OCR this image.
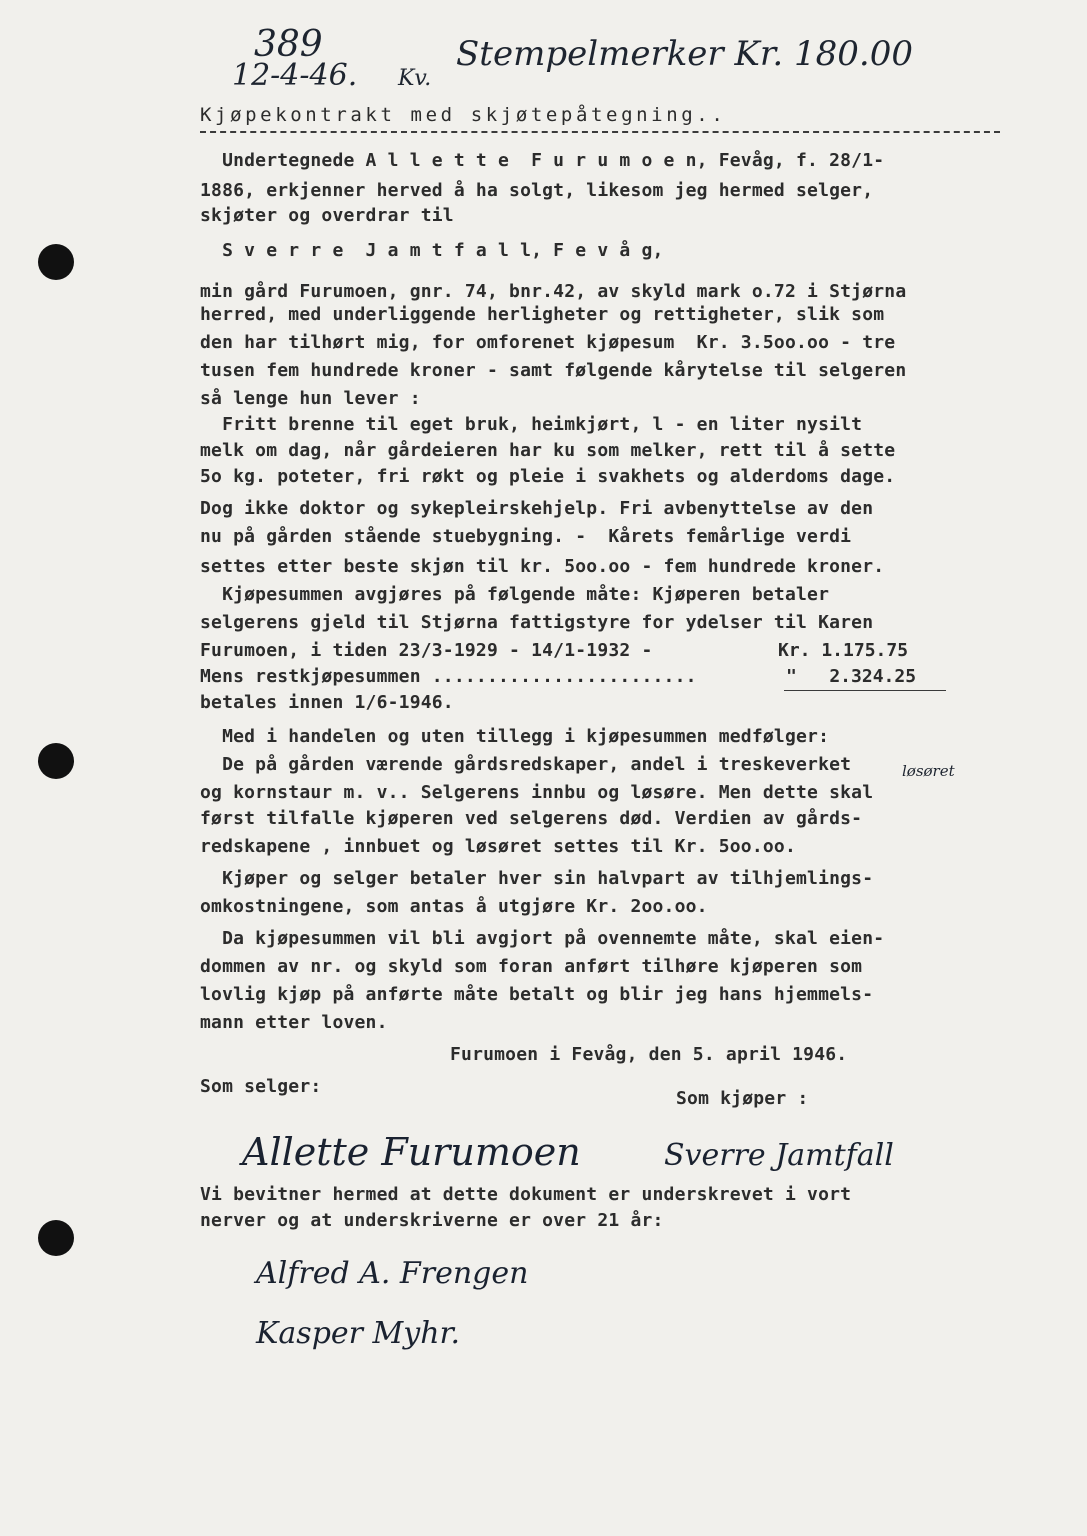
389
12-4-46. Kv.
Stempelmerker Kr. 180.00
Kjøpekontrakt med skjøtepåtegning..
Undertegnede A l l e t t e  F u r u m o e n, Fevåg, f. 28/1-
1886, erkjenner herved å ha solgt, likesom jeg hermed selger,
skjøter og overdrar til
S v e r r e  J a m t f a l l, F e v å g,
min gård Furumoen, gnr. 74, bnr.42, av skyld mark o.72 i Stjørna
herred, med underliggende herligheter og rettigheter, slik som
den har tilhørt mig, for omforenet kjøpesum  Kr. 3.5oo.oo - tre
tusen fem hundrede kroner - samt følgende kårytelse til selgeren
så lenge hun lever :
Fritt brenne til eget bruk, heimkjørt, l - en liter nysilt
melk om dag, når gårdeieren har ku som melker, rett til å sette
5o kg. poteter, fri røkt og pleie i svakhets og alderdoms dage.
Dog ikke doktor og sykepleirskehjelp. Fri avbenyttelse av den
nu på gården stående stuebygning. -  Kårets femårlige verdi
settes etter beste skjøn til kr. 5oo.oo - fem hundrede kroner.
Kjøpesummen avgjøres på følgende måte: Kjøperen betaler
selgerens gjeld til Stjørna fattigstyre for ydelser til Karen
Furumoen, i tiden 23/3-1929 - 14/1-1932 -	Kr. 1.175.75
Mens restkjøpesummen ........................	"   2.324.25
betales innen 1/6-1946.
Med i handelen og uten tillegg i kjøpesummen medfølger:
De på gården værende gårdsredskaper, andel i treskeverket	løsøret
og kornstaur m. v.. Selgerens innbu og løsøre. Men dette skal
først tilfalle kjøperen ved selgerens død. Verdien av gårds-
redskapene , innbuet og løsøret settes til Kr. 5oo.oo.
Kjøper og selger betaler hver sin halvpart av tilhjemlings-
omkostningene, som antas å utgjøre Kr. 2oo.oo.
Da kjøpesummen vil bli avgjort på ovennemte måte, skal eien-
dommen av nr. og skyld som foran anført tilhøre kjøperen som
lovlig kjøp på anførte måte betalt og blir jeg hans hjemmels-
mann etter loven.
Furumoen i Fevåg, den 5. april 1946.
Som selger:
Som kjøper :
Allette Furumoen	Sverre Jamtfall
Vi bevitner hermed at dette dokument er underskrevet i vort
nerver og at underskriverne er over 21 år:
Alfred A. Frengen
Kasper Myhr.
